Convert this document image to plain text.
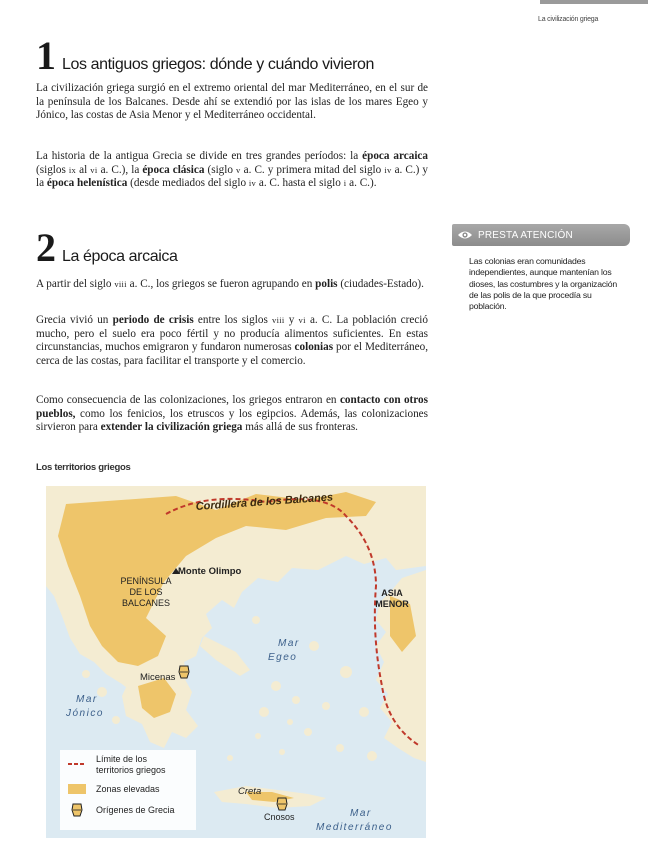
La civilización griega
1 Los antiguos griegos: dónde y cuándo vivieron

La civilización griega surgió en el extremo oriental del mar Mediterráneo, en el sur de la península de los Balcanes. Desde ahí se extendió por las islas de los mares Egeo y Jónico, las costas de Asia Menor y el Mediterráneo occidental.

La historia de la antigua Grecia se divide en tres grandes períodos: la época arcaica (siglos ix al vi a. C.), la época clásica (siglo v a. C. y primera mitad del siglo iv a. C.) y la época helenística (desde mediados del siglo iv a. C. hasta el siglo i a. C.).

2 La época arcaica

A partir del siglo viii a. C., los griegos se fueron agrupando en polis (ciudades-Estado).

Grecia vivió un periodo de crisis entre los siglos viii y vi a. C. La población creció mucho, pero el suelo era poco fértil y no producía alimentos suficientes. En estas circunstancias, muchos emigraron y fundaron numerosas colonias por el Mediterráneo, cerca de las costas, para facilitar el transporte y el comercio.

Como consecuencia de las colonizaciones, los griegos entraron en contacto con otros pueblos, como los fenicios, los etruscos y los egipcios. Además, las colonizaciones sirvieron para extender la civilización griega más allá de sus fronteras.

PRESTA ATENCIÓN

Las colonias eran comunidades independientes, aunque mantenían los dioses, las costumbres y la organización de las polis de la que procedía su población.

Los territorios griegos
Cordillera de los Balcanes
Monte Olimpo
PENÍNSULA
DE LOS
BALCANES
ASIA
MENOR
Mar
Egeo
Mar
Jónico
Micenas
Creta
Cnosos	Mar
Mediterráneo
Límite de los
territorios griegos
Zonas elevadas
Orígenes de Grecia
